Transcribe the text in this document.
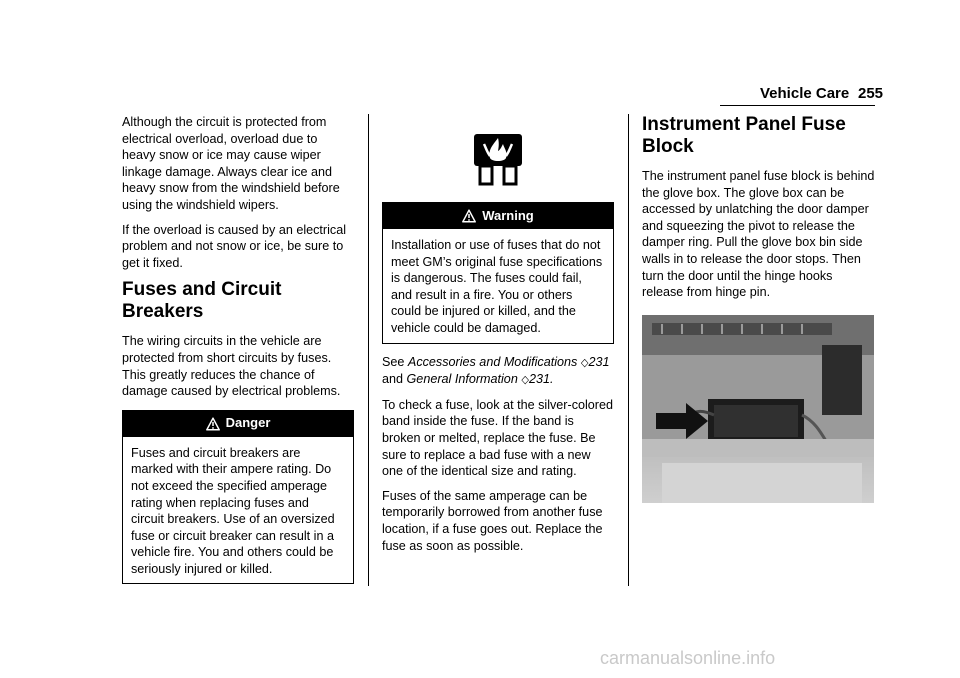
Vehicle Care 255

Although the circuit is protected from electrical overload, overload due to heavy snow or ice may cause wiper linkage damage. Always clear ice and heavy snow from the windshield before using the windshield wipers.

If the overload is caused by an electrical problem and not snow or ice, be sure to get it fixed.

Fuses and Circuit Breakers

The wiring circuits in the vehicle are protected from short circuits by fuses. This greatly reduces the chance of damage caused by electrical problems.

Danger

Fuses and circuit breakers are marked with their ampere rating. Do not exceed the specified amperage rating when replacing fuses and circuit breakers. Use of an oversized fuse or circuit breaker can result in a vehicle fire. You and others could be seriously injured or killed.

Warning

Installation or use of fuses that do not meet GM’s original fuse specifications is dangerous. The fuses could fail, and result in a fire. You or others could be injured or killed, and the vehicle could be damaged.

See Accessories and Modifications ◇231 and General Information ◇231.

To check a fuse, look at the silver-colored band inside the fuse. If the band is broken or melted, replace the fuse. Be sure to replace a bad fuse with a new one of the identical size and rating.

Fuses of the same amperage can be temporarily borrowed from another fuse location, if a fuse goes out. Replace the fuse as soon as possible.

Instrument Panel Fuse Block

The instrument panel fuse block is behind the glove box. The glove box can be accessed by unlatching the door damper and squeezing the pivot to release the damper ring. Pull the glove box bin side walls in to release the door stops. Then turn the door until the hinge hooks release from hinge pin.

carmanualsonline.info
